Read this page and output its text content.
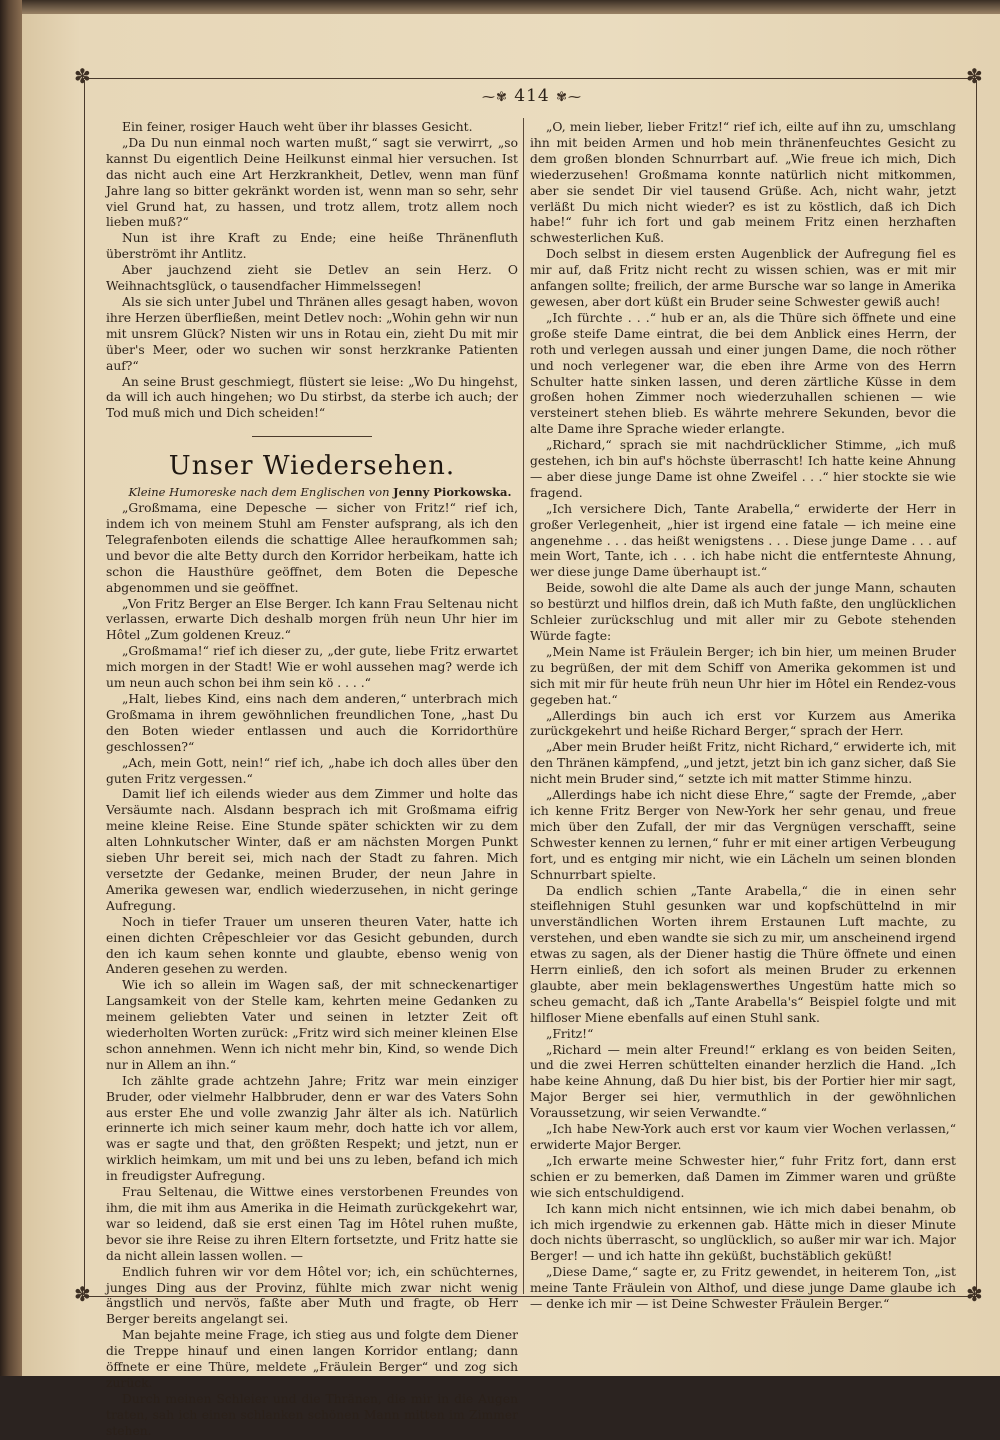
✽	✽
✽	✽
⁓✾ 414 ✾⁓

Ein feiner, rosiger Hauch weht über ihr blasses Gesicht.

„Da Du nun einmal noch warten mußt,“ sagt sie verwirrt, „so kannst Du eigentlich Deine Heilkunst einmal hier versuchen. Ist das nicht auch eine Art Herzkrankheit, Detlev, wenn man fünf Jahre lang so bitter gekränkt worden ist, wenn man so sehr, sehr viel Grund hat, zu hassen, und trotz allem, trotz allem noch lieben muß?“

Nun ist ihre Kraft zu Ende; eine heiße Thränenfluth überströmt ihr Antlitz.

Aber jauchzend zieht sie Detlev an sein Herz. O Weihnachtsglück, o tausendfacher Himmelssegen!

Als sie sich unter Jubel und Thränen alles gesagt haben, wovon ihre Herzen überfließen, meint Detlev noch: „Wohin gehn wir nun mit unsrem Glück? Nisten wir uns in Rotau ein, zieht Du mit mir über's Meer, oder wo suchen wir sonst herzkranke Patienten auf?“

An seine Brust geschmiegt, flüstert sie leise: „Wo Du hingehst, da will ich auch hingehen; wo Du stirbst, da sterbe ich auch; der Tod muß mich und Dich scheiden!“

Unser Wiedersehen.

Kleine Humoreske nach dem Englischen von Jenny Piorkowska.

„Großmama, eine Depesche — sicher von Fritz!“ rief ich, indem ich von meinem Stuhl am Fenster aufsprang, als ich den Telegrafenboten eilends die schattige Allee heraufkommen sah; und bevor die alte Betty durch den Korridor herbeikam, hatte ich schon die Hausthüre geöffnet, dem Boten die Depesche abgenommen und sie geöffnet.

„Von Fritz Berger an Else Berger. Ich kann Frau Seltenau nicht verlassen, erwarte Dich deshalb morgen früh neun Uhr hier im Hôtel „Zum goldenen Kreuz.“

„Großmama!“ rief ich dieser zu, „der gute, liebe Fritz erwartet mich morgen in der Stadt! Wie er wohl aussehen mag? werde ich um neun auch schon bei ihm sein kö . . . .“

„Halt, liebes Kind, eins nach dem anderen,“ unterbrach mich Großmama in ihrem gewöhnlichen freundlichen Tone, „hast Du den Boten wieder entlassen und auch die Korridorthüre geschlossen?“

„Ach, mein Gott, nein!“ rief ich, „habe ich doch alles über den guten Fritz vergessen.“

Damit lief ich eilends wieder aus dem Zimmer und holte das Versäumte nach. Alsdann besprach ich mit Großmama eifrig meine kleine Reise. Eine Stunde später schickten wir zu dem alten Lohnkutscher Winter, daß er am nächsten Morgen Punkt sieben Uhr bereit sei, mich nach der Stadt zu fahren. Mich versetzte der Gedanke, meinen Bruder, der neun Jahre in Amerika gewesen war, endlich wiederzusehen, in nicht geringe Aufregung.

Noch in tiefer Trauer um unseren theuren Vater, hatte ich einen dichten Crêpeschleier vor das Gesicht gebunden, durch den ich kaum sehen konnte und glaubte, ebenso wenig von Anderen gesehen zu werden.

Wie ich so allein im Wagen saß, der mit schneckenartiger Langsamkeit von der Stelle kam, kehrten meine Gedanken zu meinem geliebten Vater und seinen in letzter Zeit oft wiederholten Worten zurück: „Fritz wird sich meiner kleinen Else schon annehmen. Wenn ich nicht mehr bin, Kind, so wende Dich nur in Allem an ihn.“

Ich zählte grade achtzehn Jahre; Fritz war mein einziger Bruder, oder vielmehr Halbbruder, denn er war des Vaters Sohn aus erster Ehe und volle zwanzig Jahr älter als ich. Natürlich erinnerte ich mich seiner kaum mehr, doch hatte ich vor allem, was er sagte und that, den größten Respekt; und jetzt, nun er wirklich heimkam, um mit und bei uns zu leben, befand ich mich in freudigster Aufregung.

Frau Seltenau, die Wittwe eines verstorbenen Freundes von ihm, die mit ihm aus Amerika in die Heimath zurückgekehrt war, war so leidend, daß sie erst einen Tag im Hôtel ruhen mußte, bevor sie ihre Reise zu ihren Eltern fortsetzte, und Fritz hatte sie da nicht allein lassen wollen. —

Endlich fuhren wir vor dem Hôtel vor; ich, ein schüchternes, junges Ding aus der Provinz, fühlte mich zwar nicht wenig ängstlich und nervös, faßte aber Muth und fragte, ob Herr Berger bereits angelangt sei.

Man bejahte meine Frage, ich stieg aus und folgte dem Diener die Treppe hinauf und einen langen Korridor entlang; dann öffnete er eine Thüre, meldete „Fräulein Berger“ und zog sich zurück.

Durch meinen Schleier und die Thränen, die mir in die Augen traten, sah ich einen schlanken schönen Mann mitten im Zimmer stehen.

„O, mein lieber, lieber Fritz!“ rief ich, eilte auf ihn zu, umschlang ihn mit beiden Armen und hob mein thränenfeuchtes Gesicht zu dem großen blonden Schnurrbart auf. „Wie freue ich mich, Dich wiederzusehen! Großmama konnte natürlich nicht mitkommen, aber sie sendet Dir viel tausend Grüße. Ach, nicht wahr, jetzt verläßt Du mich nicht wieder? es ist zu köstlich, daß ich Dich habe!“ fuhr ich fort und gab meinem Fritz einen herzhaften schwesterlichen Kuß.

Doch selbst in diesem ersten Augenblick der Aufregung fiel es mir auf, daß Fritz nicht recht zu wissen schien, was er mit mir anfangen sollte; freilich, der arme Bursche war so lange in Amerika gewesen, aber dort küßt ein Bruder seine Schwester gewiß auch!

„Ich fürchte . . .“ hub er an, als die Thüre sich öffnete und eine große steife Dame eintrat, die bei dem Anblick eines Herrn, der roth und verlegen aussah und einer jungen Dame, die noch röther und noch verlegener war, die eben ihre Arme von des Herrn Schulter hatte sinken lassen, und deren zärtliche Küsse in dem großen hohen Zimmer noch wiederzuhallen schienen — wie versteinert stehen blieb. Es währte mehrere Sekunden, bevor die alte Dame ihre Sprache wieder erlangte.

„Richard,“ sprach sie mit nachdrücklicher Stimme, „ich muß gestehen, ich bin auf's höchste überrascht! Ich hatte keine Ahnung — aber diese junge Dame ist ohne Zweifel . . .“ hier stockte sie wie fragend.

„Ich versichere Dich, Tante Arabella,“ erwiderte der Herr in großer Verlegenheit, „hier ist irgend eine fatale — ich meine eine angenehme . . . das heißt wenigstens . . . Diese junge Dame . . . auf mein Wort, Tante, ich . . . ich habe nicht die entfernteste Ahnung, wer diese junge Dame überhaupt ist.“

Beide, sowohl die alte Dame als auch der junge Mann, schauten so bestürzt und hilflos drein, daß ich Muth faßte, den unglücklichen Schleier zurückschlug und mit aller mir zu Gebote stehenden Würde fagte:

„Mein Name ist Fräulein Berger; ich bin hier, um meinen Bruder zu begrüßen, der mit dem Schiff von Amerika gekommen ist und sich mit mir für heute früh neun Uhr hier im Hôtel ein Rendez-vous gegeben hat.“

„Allerdings bin auch ich erst vor Kurzem aus Amerika zurückgekehrt und heiße Richard Berger,“ sprach der Herr.

„Aber mein Bruder heißt Fritz, nicht Richard,“ erwiderte ich, mit den Thränen kämpfend, „und jetzt, jetzt bin ich ganz sicher, daß Sie nicht mein Bruder sind,“ setzte ich mit matter Stimme hinzu.

„Allerdings habe ich nicht diese Ehre,“ sagte der Fremde, „aber ich kenne Fritz Berger von New-York her sehr genau, und freue mich über den Zufall, der mir das Vergnügen verschafft, seine Schwester kennen zu lernen,“ fuhr er mit einer artigen Verbeugung fort, und es entging mir nicht, wie ein Lächeln um seinen blonden Schnurrbart spielte.

Da endlich schien „Tante Arabella,“ die in einen sehr steiflehnigen Stuhl gesunken war und kopfschüttelnd in mir unverständlichen Worten ihrem Erstaunen Luft machte, zu verstehen, und eben wandte sie sich zu mir, um anscheinend irgend etwas zu sagen, als der Diener hastig die Thüre öffnete und einen Herrn einließ, den ich sofort als meinen Bruder zu erkennen glaubte, aber mein beklagenswerthes Ungestüm hatte mich so scheu gemacht, daß ich „Tante Arabella's“ Beispiel folgte und mit hilfloser Miene ebenfalls auf einen Stuhl sank.

„Fritz!“

„Richard — mein alter Freund!“ erklang es von beiden Seiten, und die zwei Herren schüttelten einander herzlich die Hand. „Ich habe keine Ahnung, daß Du hier bist, bis der Portier hier mir sagt, Major Berger sei hier, vermuthlich in der gewöhnlichen Voraussetzung, wir seien Verwandte.“

„Ich habe New-York auch erst vor kaum vier Wochen verlassen,“ erwiderte Major Berger.

„Ich erwarte meine Schwester hier,“ fuhr Fritz fort, dann erst schien er zu bemerken, daß Damen im Zimmer waren und grüßte wie sich entschuldigend.

Ich kann mich nicht entsinnen, wie ich mich dabei benahm, ob ich mich irgendwie zu erkennen gab. Hätte mich in dieser Minute doch nichts überrascht, so unglücklich, so außer mir war ich. Major Berger! — und ich hatte ihn geküßt, buchstäblich geküßt!

„Diese Dame,“ sagte er, zu Fritz gewendet, in heiterem Ton, „ist meine Tante Fräulein von Althof, und diese junge Dame glaube ich — denke ich mir — ist Deine Schwester Fräulein Berger.“
